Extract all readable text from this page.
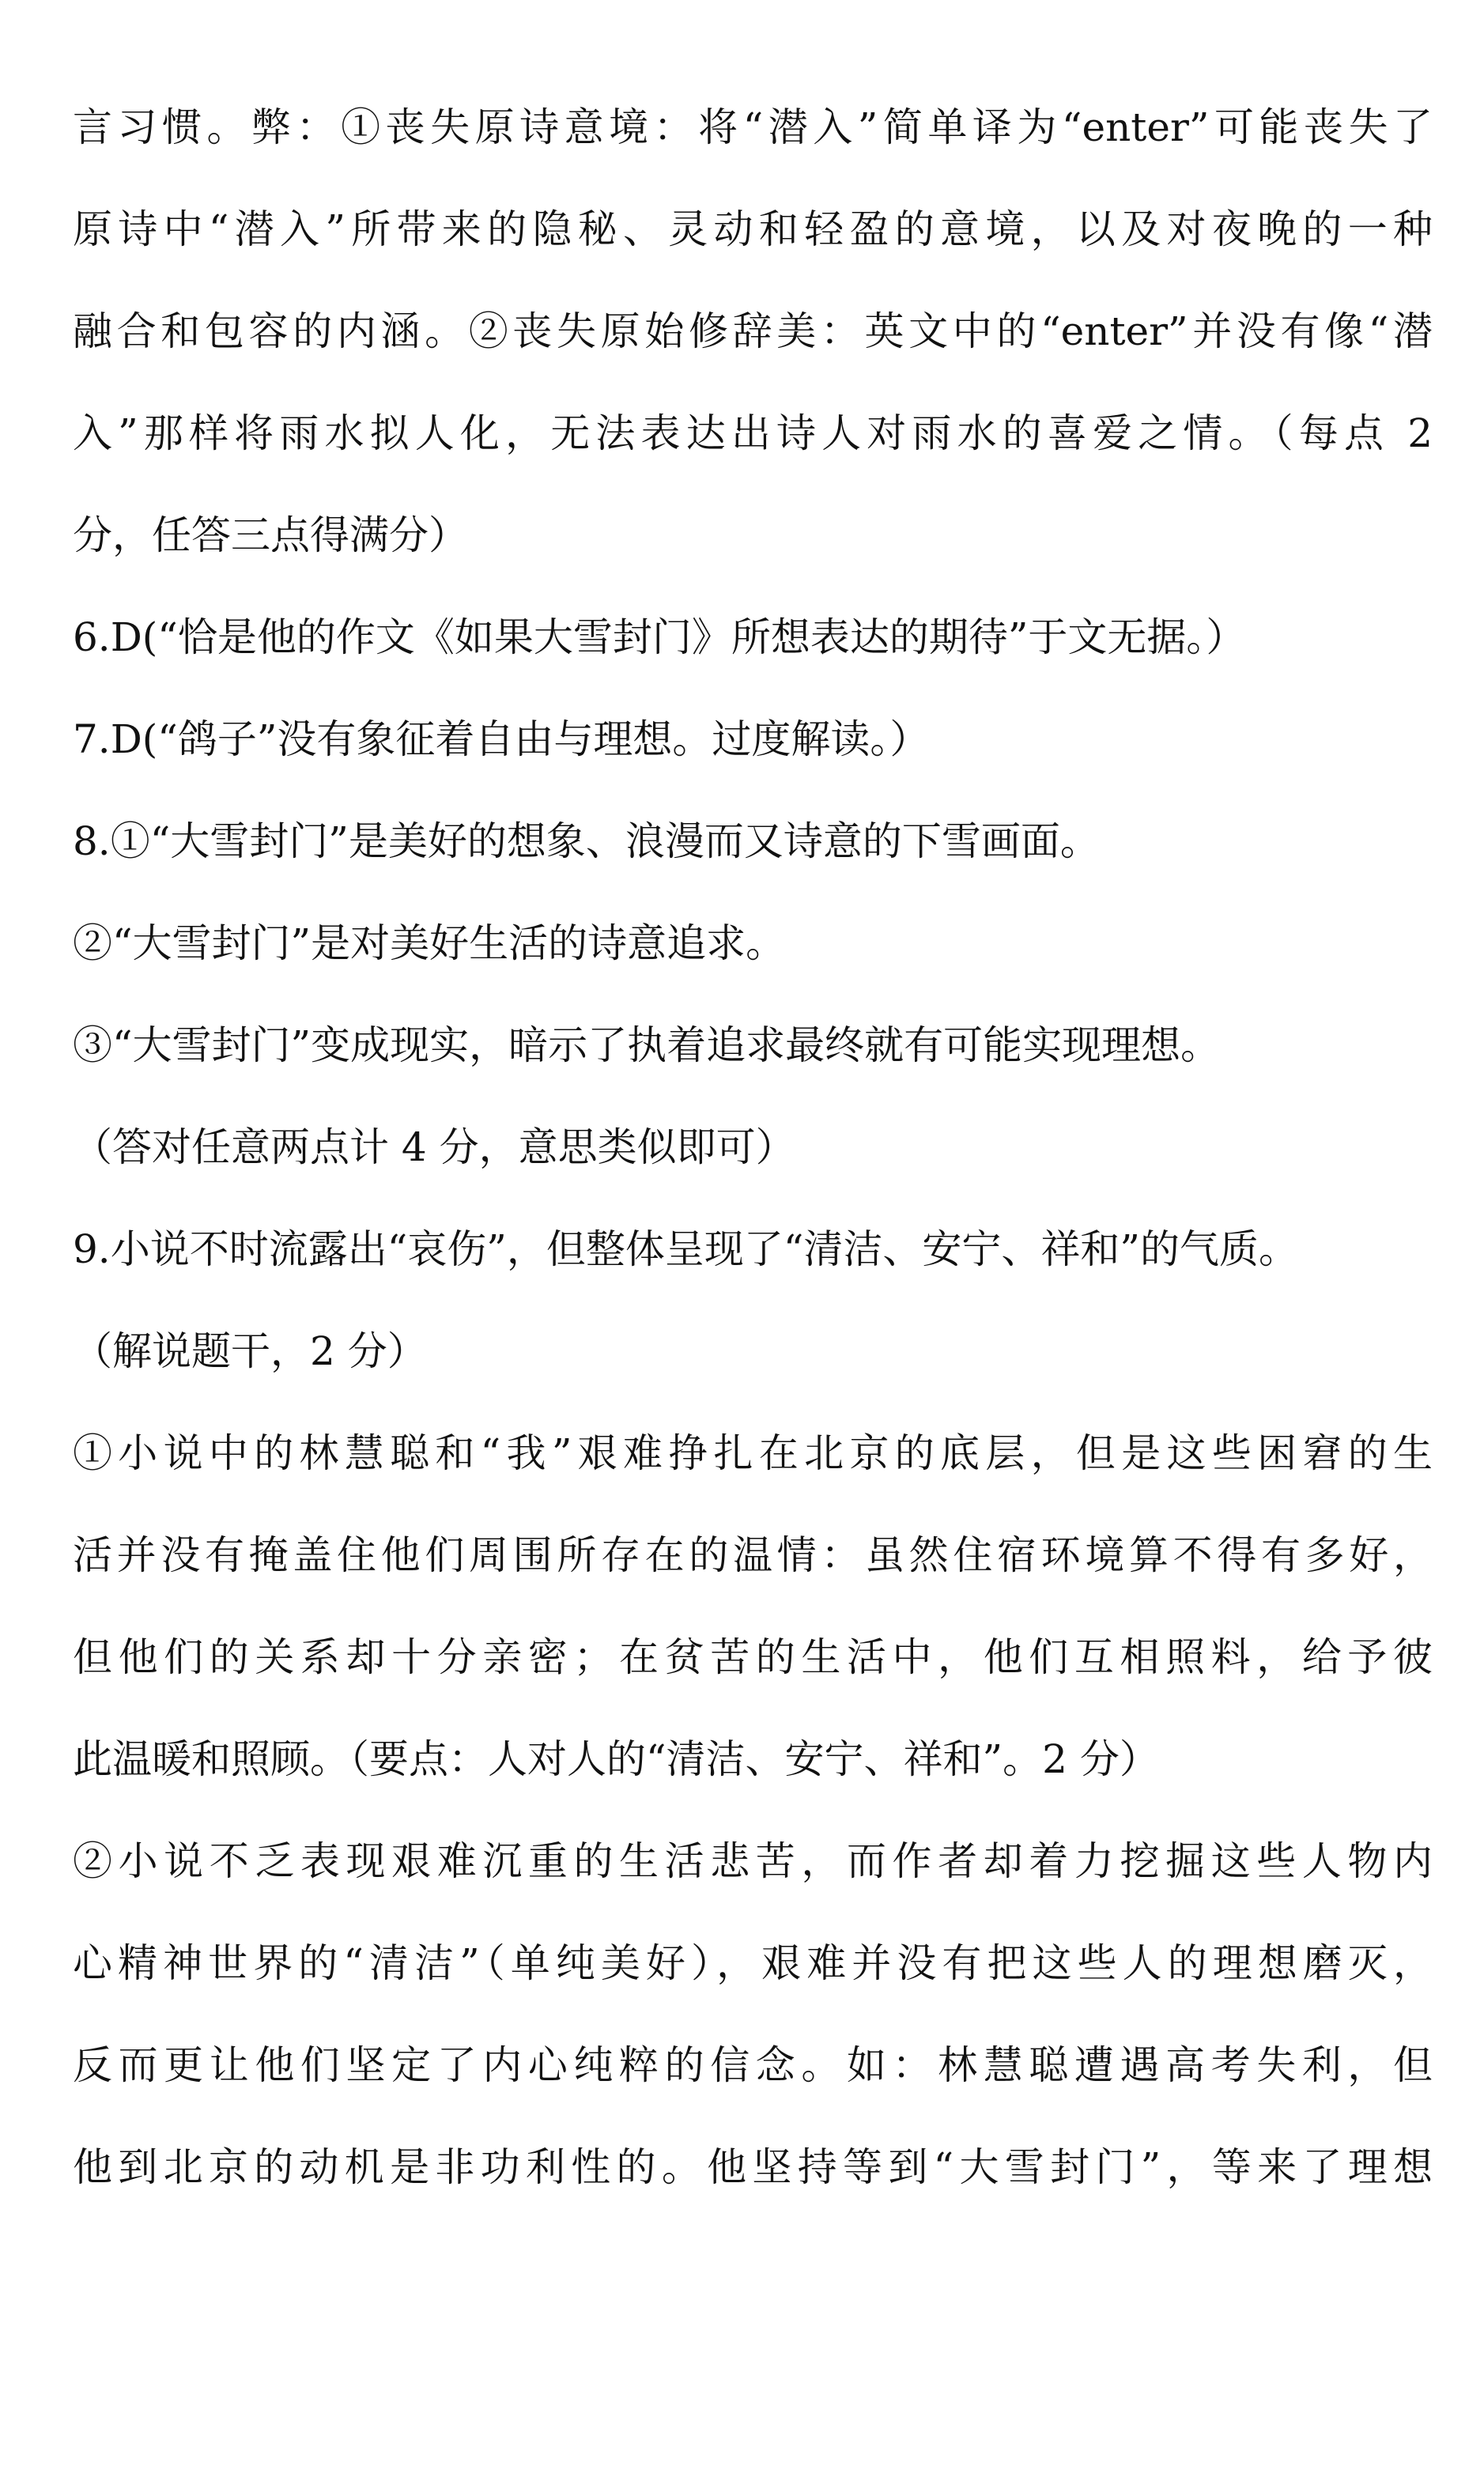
言习惯。弊：①丧失原诗意境：将“潜入”简单译为“enter”可能丧失了
原诗中“潜入”所带来的隐秘、灵动和轻盈的意境，以及对夜晚的一种
融合和包容的内涵。②丧失原始修辞美：英文中的“enter”并没有像“潜
入”那样将雨水拟人化，无法表达出诗人对雨水的喜爱之情。（每点 2
分，任答三点得满分）
6.D(“恰是他的作文《如果大雪封门》所想表达的期待”于文无据。）
7.D(“鸽子”没有象征着自由与理想。过度解读。）
8.①“大雪封门”是美好的想象、浪漫而又诗意的下雪画面。
②“大雪封门”是对美好生活的诗意追求。
③“大雪封门”变成现实，暗示了执着追求最终就有可能实现理想。
（答对任意两点计 4 分，意思类似即可）
9.小说不时流露出“哀伤”，但整体呈现了“清洁、安宁、祥和”的气质。
（解说题干，2 分）
①小说中的林慧聪和“我”艰难挣扎在北京的底层，但是这些困窘的生
活并没有掩盖住他们周围所存在的温情：虽然住宿环境算不得有多好，
但他们的关系却十分亲密；在贫苦的生活中，他们互相照料，给予彼
此温暖和照顾。（要点：人对人的“清洁、安宁、祥和”。2 分）
②小说不乏表现艰难沉重的生活悲苦，而作者却着力挖掘这些人物内
心精神世界的“清洁”（单纯美好），艰难并没有把这些人的理想磨灭，
反而更让他们坚定了内心纯粹的信念。如：林慧聪遭遇高考失利，但
他到北京的动机是非功利性的。他坚持等到“大雪封门”，等来了理想
